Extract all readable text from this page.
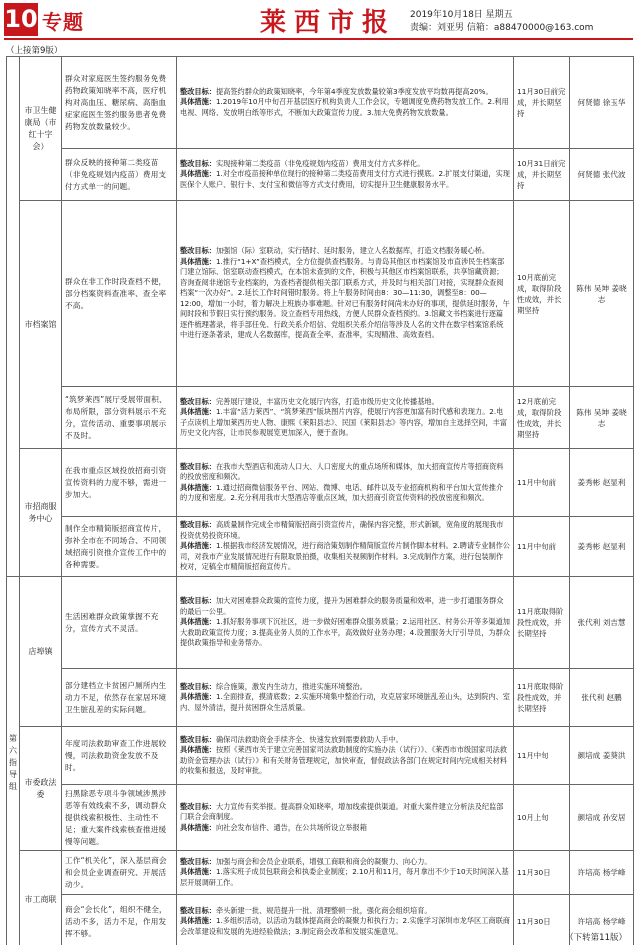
10 专题	莱西市报 2019年10月18日 星期五
责编：刘亚男 信箱：a88470000@163.com
（上接第9版）
	市卫生健康局（市红十字会）	群众对家庭医生签约服务免费药物政策知晓率不高，医疗机构对高血压、糖尿病、高脂血症家庭医生签约服务患者免费药物发放数量较少。	整改目标：提高签约群众的政策知晓率，今年第4季度发放数量较第3季度发放平均数再提高20%。

具体措施：1.2019年10月中旬召开基层医疗机构负责人工作会议，专题调度免费药物发放工作。2.利用电视、网络、发放明白纸等形式，不断加大政策宣传力度。3.加大免费药物发放数量。	11月30日前完成，并长期坚持	何贤德 徐玉华
		群众反映的接种第二类疫苗（非免疫规划内疫苗）费用支付方式单一的问题。	整改目标：实现接种第二类疫苗（非免疫规划内疫苗）费用支付方式多样化。

具体措施：1.对全市疫苗接种单位现行的接种第二类疫苗费用支付方式进行摸底。2.扩展支付渠道，实现医保个人账户、银行卡、支付宝和微信等方式支付费用，切实提升卫生健康服务水平。	10月31日前完成，并长期坚持	何贤德 张代波
	市档案馆	群众在非工作时段查档不便，部分档案资料查准率、查全率不高。	整改目标：加强馆（际）室联动，实行错时、延时服务，建立人名数据库，打造文档服务暖心桥。

具体措施：1.推行“1+X”查档模式，全方位提供查档服务。与青岛其他区市档案馆及市直涉民生档案部门建立馆际、馆室联动查档模式，在本馆未查到的文件，积极与其他区市档案馆联系，共享馆藏资源；咨询查阅非递馆专业档案的，为查档者提供相关部门联系方式，并及时与相关部门对接，实现群众查阅档案“一次办好”。2.延长工作时间错时服务。将上午服务时间由8：30—11:30，调整至8：00—12:00，增加一小时，着力解决上班族办事难题。针对已有服务时间尚未办好的事项，提供延时服务，午间时段和节假日实行预约服务。设立查档专用热线，方便人民群众查档预约。3.馆藏文书档案进行逐篇逐件梳理著录，将手部任免、行政关系介绍信、党组织关系介绍信等涉及人名的文件在数字档案馆系统中进行逐条著录，建成人名数据库，提高查全率、查准率，实现精准、高效查档。	10月底前完成，取得阶段性成效，并长期坚持	陈伟 吴坤 姜晓志
		“筑梦莱西”展厅受展带面积、布局所限，部分资料展示不充分，宣传活动、重要事项展示不及时。	整改目标：完善展厅建设，丰富历史文化展厅内容，打造市级历史文化传播基地。

具体措施：1.丰富“活力莱西”、“筑梦莱西”版块图片内容，使展厅内容更加富有时代感和表现力。2.电子点读机上增加莱西历史人物、康熙《莱阳县志》、民国《莱阳县志》等内容，增加自主选择空间，丰富历史文化内容，让市民参观展览更加深入，便于查询。	12月底前完成，取得阶段性成效，并长期坚持	陈伟 吴坤 姜晓志
	市招商服务中心	在我市重点区域投放招商引资宣传资料的力度不够，需进一步加大。	整改目标：在我市大型酒店和流动人口大、人口密度大的重点场所和媒体，加大招商宣传片等招商资料的投放密度和频次。

具体措施：1.通过招商微信服务平台、网站、微博、电话、邮件以及专业招商机构和平台加大宣传推介的力度和密度。2.充分利用我市大型酒店等重点区域，加大招商引资宣传资料的投放密度和频次。	11月中旬前	姜秀彬 赵显利
		制作全市精简版招商宣传片，弥补全市在不同场合、不同领域招商引资推介宣传工作中的各种需要。	整改目标：高质量制作完成全市精简版招商引资宣传片，确保内容完整，形式新颖，宽角度的展现我市投资优势投资环境。

具体措施：1.根据我市经济发展情况，进行商洽策划制作精简版宣传片制作脚本材料。2.聘请专业制作公司，对我市产业发展情况进行有限取景拍摄，收集相关视频制作材料。3.完成制作方案，进行包装制作校对，定稿全市精简版招商宣传片。	11月中旬前	姜秀彬 赵显利
第六指导组	店埠镇	生活困难群众政策掌握不充分，宣传方式不灵活。	整改目标：加大对困难群众政策的宣传力度，提升为困难群众的服务质量和效率，进一步打通服务群众的最后一公里。

具体措施：1.抓好服务事项下沉社区，进一步做好困难群众服务质量；2.运用社区、村务公开等多渠道加大救助政策宣传力度；3.提高业务人员的工作水平，高效做好业务办理；4.设置服务大厅引导员，为群众提供政策指导和业务帮办。	11月底取得阶段性成效，并长期坚持	张代利 刘吉慧
		部分建档立卡贫困户厕所内生动力不足，依然存在家居环境卫生脏乱差的实际问题。	整改目标：综合施策，激发内生动力，推进实施环境整治。

具体措施：1.全面排查，摸清底数；2.实施环境集中整治行动，攻克居家环境脏乱差山头，达到院内、室内、屋外清洁，提升贫困群众生活质量。	11月底取得阶段性成效，并长期坚持	张代利 赵鹏
	市委政法委	年度司法救助审查工作进展较慢，司法救助资金发放不及时。	整改目标：确保司法救助资金手续齐全、快速发放到需要救助人手中。

具体措施：按照《莱西市关于建立完善国家司法救助制度的实施办法（试行）》、《莱西市市级国家司法救助资金管理办法（试行）》和有关财务管理规定，加快审查，督促政法各部门在规定时间内完成相关材料的收集和报送，及时审批。	11月中旬	颜培成 姜葵洪
		扫黑除恶专项斗争领域涉黑涉恶等有效线索不多，调动群众提供线索积极性、主动性不足；重大案件线索核查推进缓慢等问题。	整改目标：大力宣传有奖举报。提高群众知晓率，增加线索提供渠道。对重大案件建立分析法及纪监部门联合会商制度。

具体措施：向社会发布信件、通告，在公共场所设立举报箱	10月上旬	颜培成 孙安居
	市工商联	工作“机关化”，深入基层商会和会员企业调查研究、开展活动少。	整改目标：加强与商会和会员企业联系，增强工商联和商会的凝聚力、向心力。

具体措施：1.落实班子成员包联商会和执委企业制度；2.10月和11月，每月拿出不少于10天时间深入基层开展调研工作。	11月30日	许培高 杨学峰
		商会“会长化”，组织不健全，活动不多，活力不足，作用发挥不够。	整改目标：牵头新建一批、规范提升一批、清理整顿一批，强化商会组织培育。

具体措施：1.多组织活动，以活动为载体提高商会的凝聚力和执行力；2.实施学习深圳市龙华区工商联商会改革建设和发展的先进经验做法；3.制定商会改革和发展实施意见。	11月30日	许培高 杨学峰
（下转第11版）
